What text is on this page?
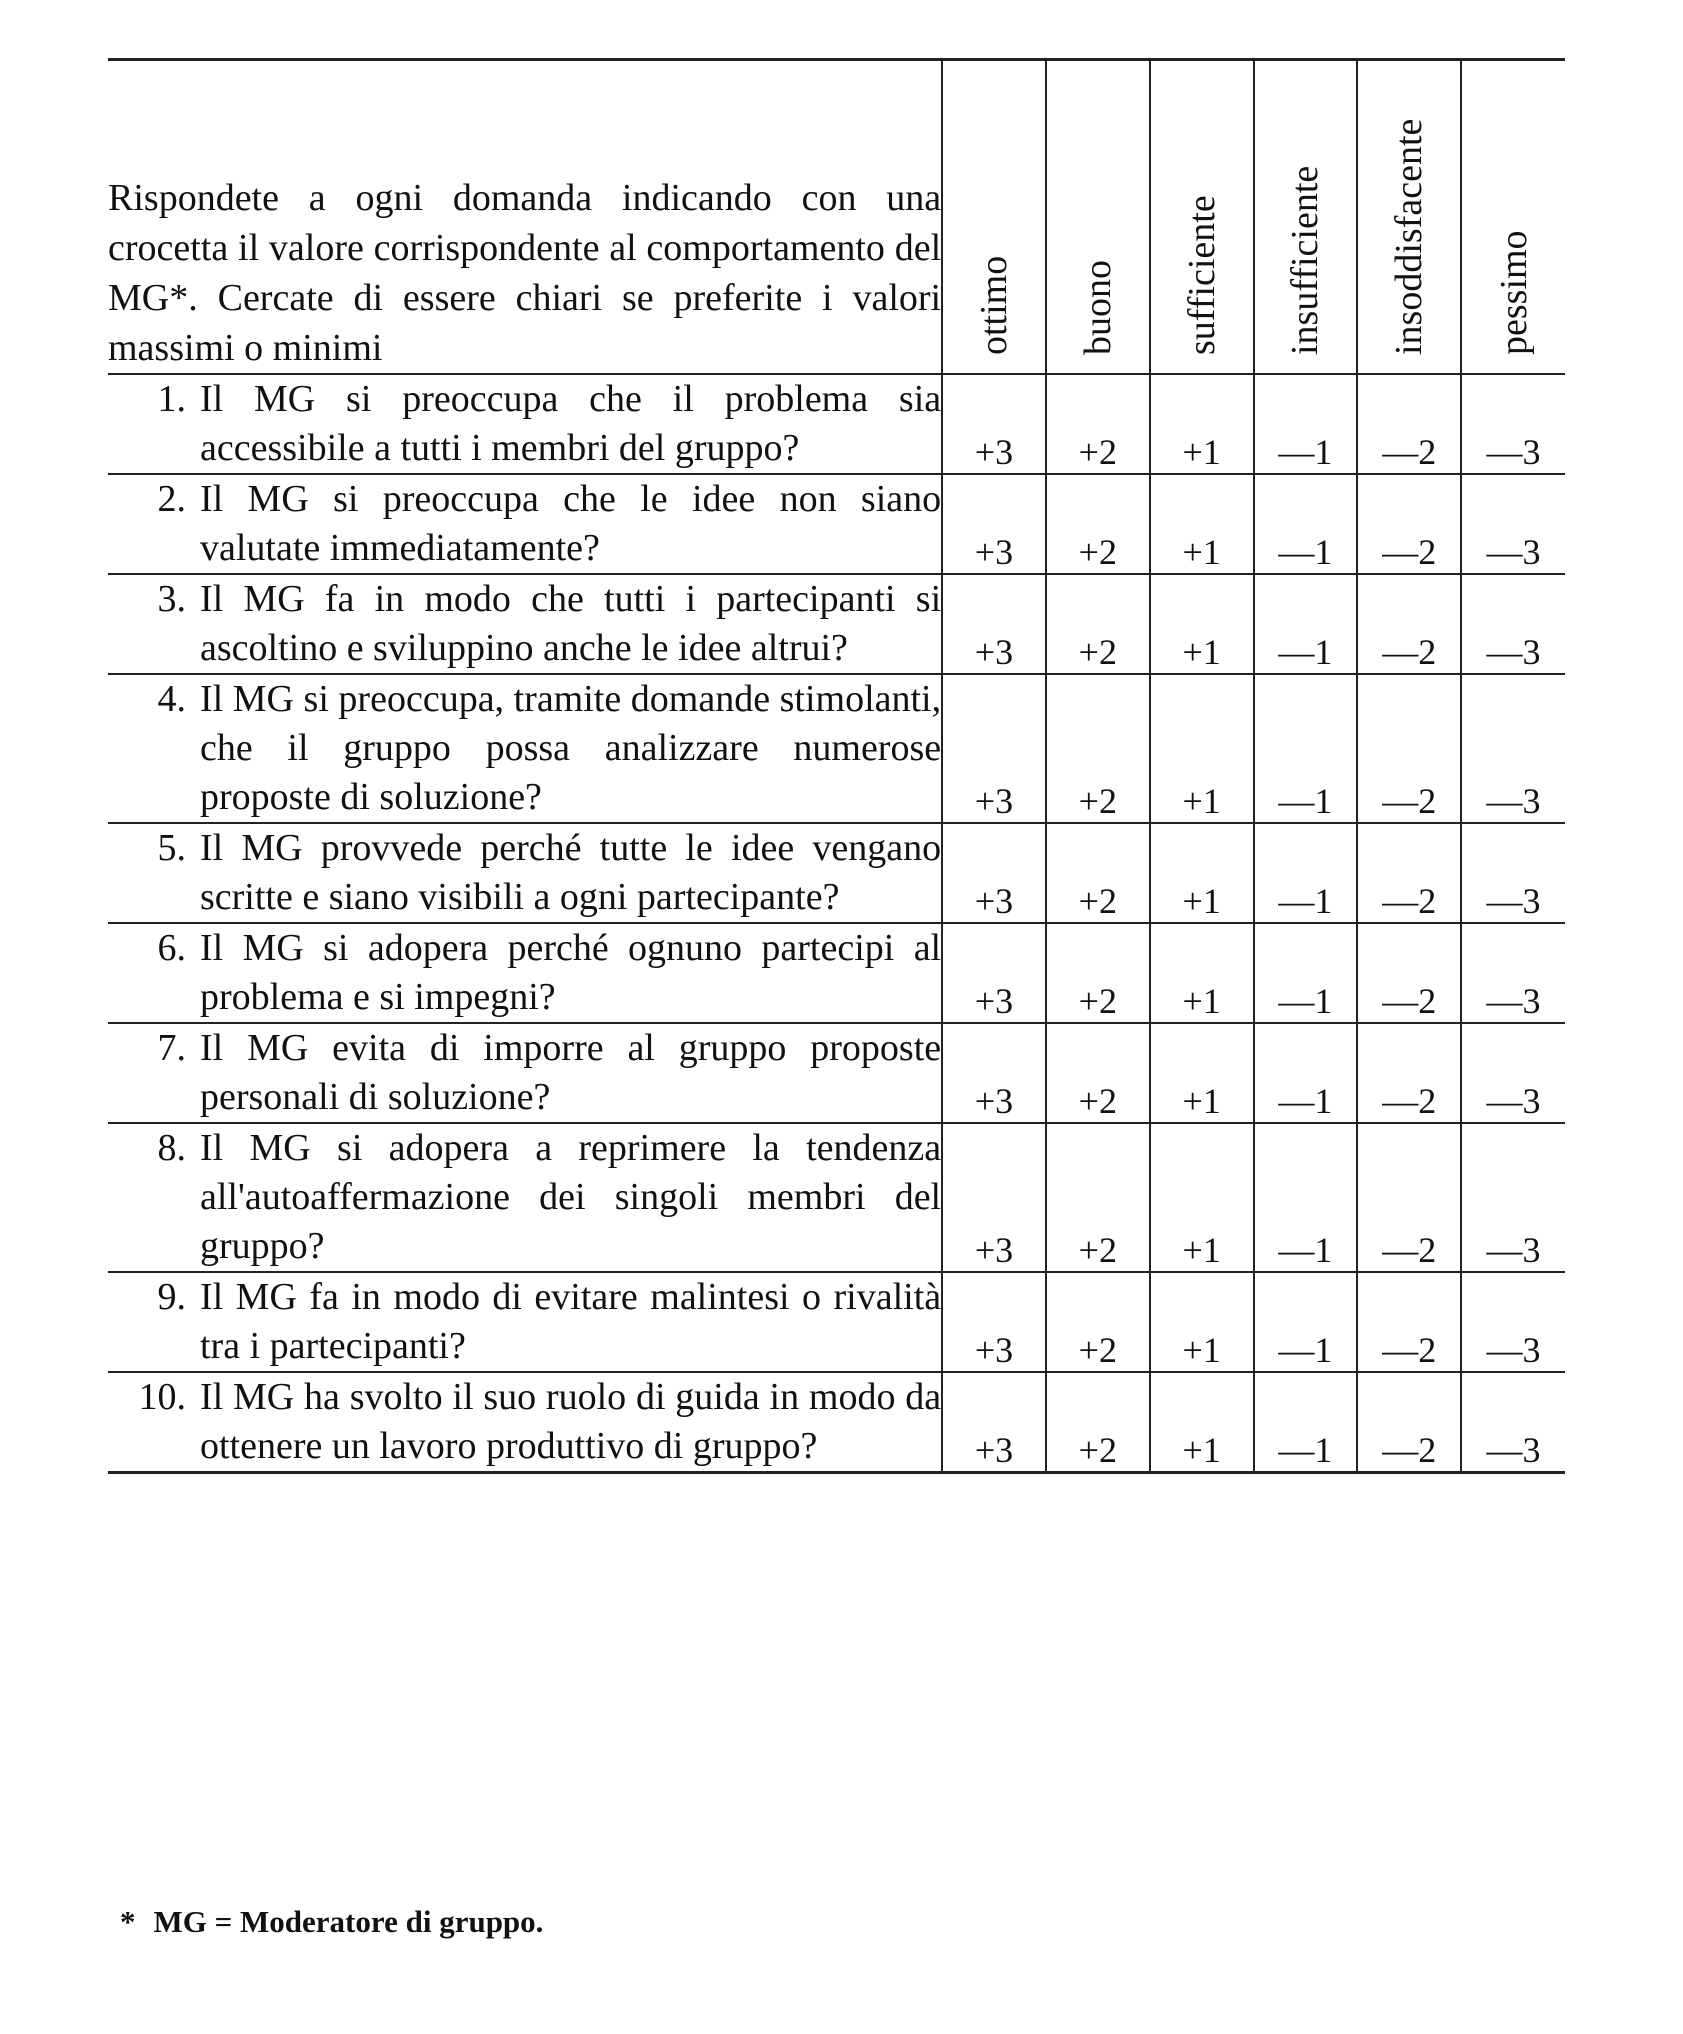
Rispondete a ogni domanda indicando con una crocetta il valore corrispondente al comportamento del MG*. Cercate di essere chiari se preferite i valori massimi o minimi	ottimo	buono	sufficiente	insufficiente	insoddisfacente	pessimo

1. Il MG si preoccupa che il problema sia accessibile a tutti i membri del gruppo?	+3	+2	+1	—1	—2	—3

2. Il MG si preoccupa che le idee non siano valutate immediatamente?	+3	+2	+1	—1	—2	—3

3. Il MG fa in modo che tutti i partecipanti si ascoltino e sviluppino anche le idee altrui?	+3	+2	+1	—1	—2	—3

4. Il MG si preoccupa, tramite domande stimolanti, che il gruppo possa analizzare numerose proposte di soluzione?	+3	+2	+1	—1	—2	—3

5. Il MG provvede perché tutte le idee vengano scritte e siano visibili a ogni partecipante?	+3	+2	+1	—1	—2	—3

6. Il MG si adopera perché ognuno partecipi al problema e si impegni?	+3	+2	+1	—1	—2	—3

7. Il MG evita di imporre al gruppo proposte personali di soluzione?	+3	+2	+1	—1	—2	—3

8. Il MG si adopera a reprimere la tendenza all'autoaffermazione dei singoli membri del gruppo?	+3	+2	+1	—1	—2	—3

9. Il MG fa in modo di evitare malintesi o rivalità tra i partecipanti?	+3	+2	+1	—1	—2	—3

10. Il MG ha svolto il suo ruolo di guida in modo da ottenere un lavoro produttivo di gruppo?	+3	+2	+1	—1	—2	—3
* MG = Moderatore di gruppo.
